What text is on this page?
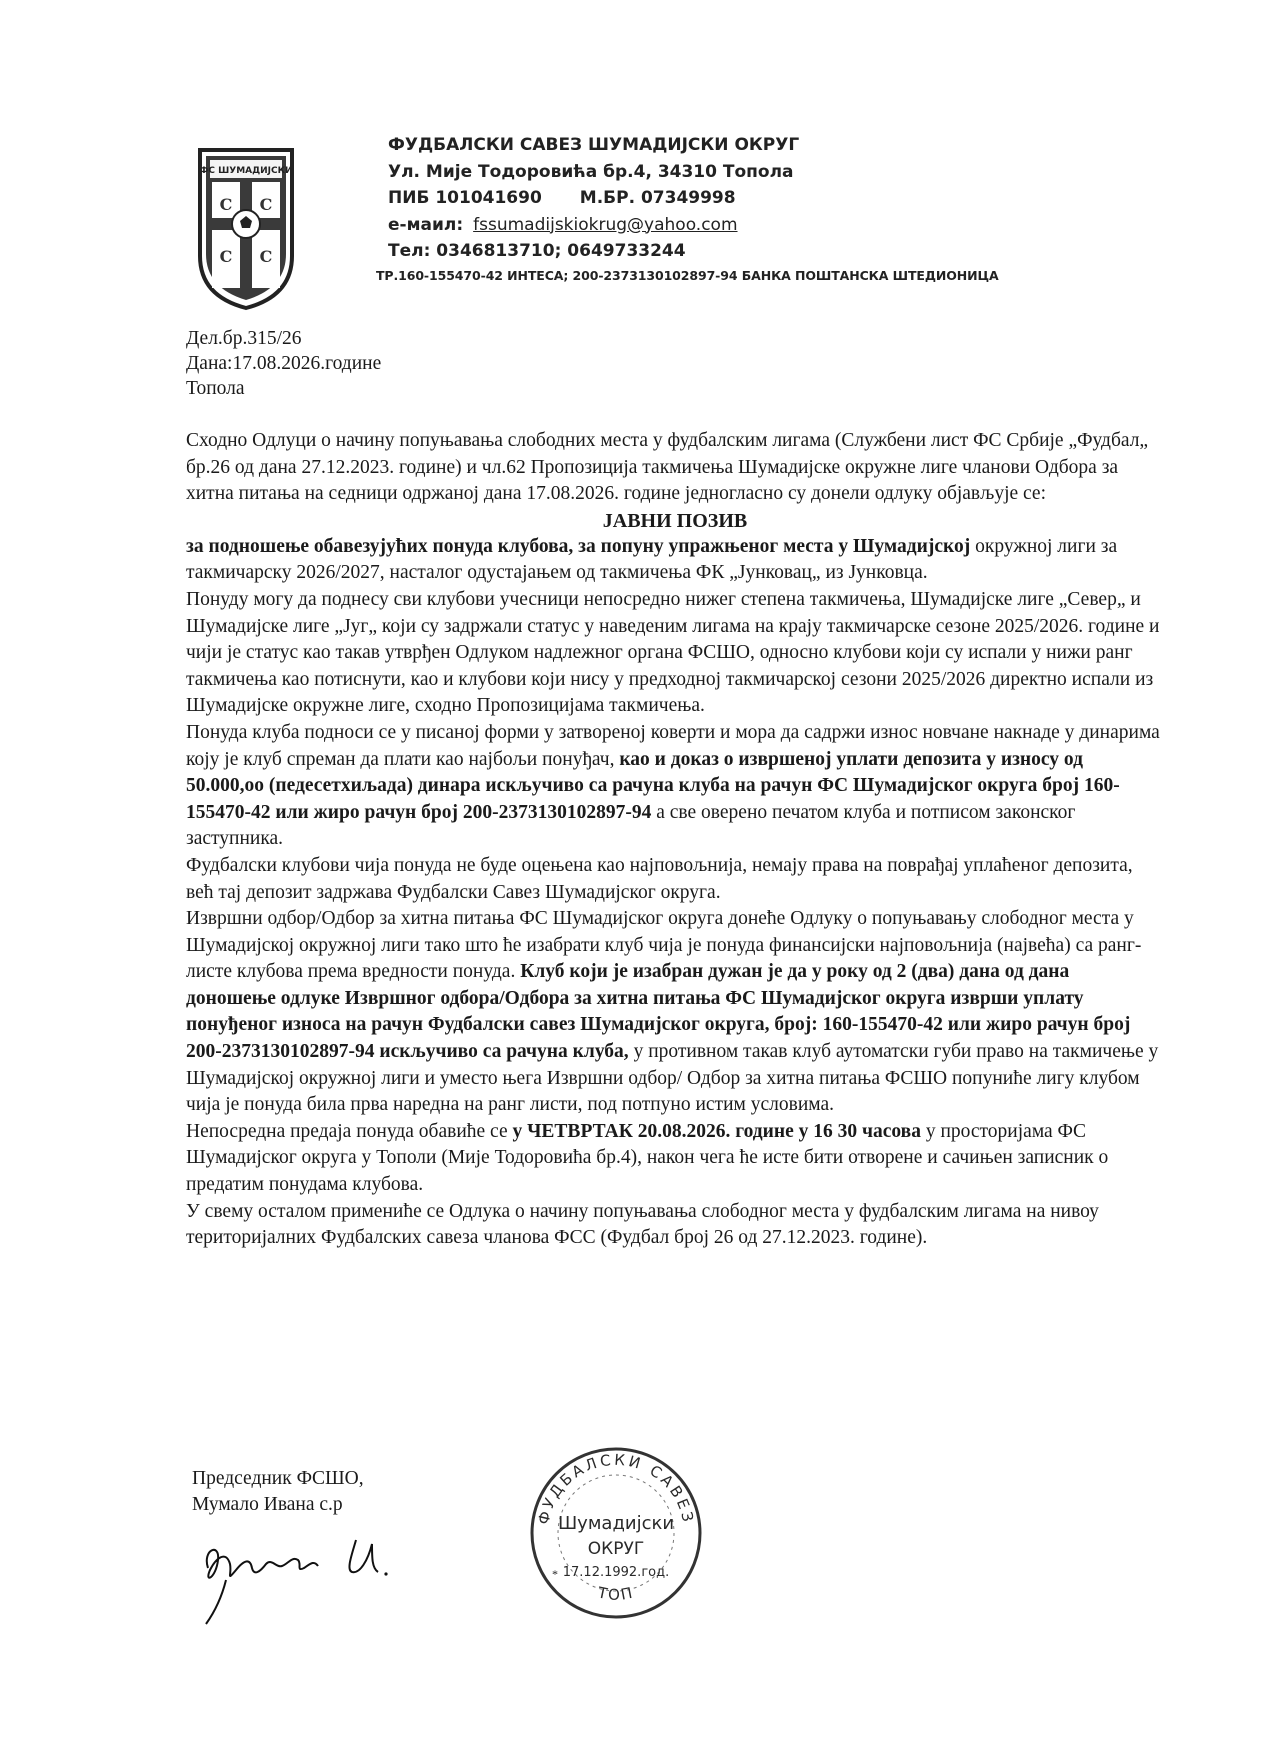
ФС ШУМАДИЈСКИ
С С
С С
ФУДБАЛСКИ САВЕЗ ШУМАДИЈСКИ ОКРУГ
Ул. Мије Тодоровића бр.4, 34310 Топола
ПИБ 101041690 М.БР. 07349998
е-маил: fssumadijskiokrug@yahoo.com
Тел: 0346813710; 0649733244
ТР.160-155470-42 ИНТЕСА; 200-2373130102897-94 БАНКА ПОШТАНСКА ШТЕДИОНИЦА
Дел.бр.315/26
Дана:17.08.2026.године
Топола

Сходно Одлуци о начину попуњавања слободних места у фудбалским лигама (Службени лист ФС Србије „Фудбал„ бр.26 од дана 27.12.2023. године) и чл.62 Пропозиција такмичења Шумадијске окружне лиге чланови Одбора за хитна питања на седници одржаној дана 17.08.2026. године једногласно су донели одлуку објављује се:

ЈАВНИ ПОЗИВ

за подношење обавезујућих понуда клубова, за попуну упражњеног места у Шумадијској окружној лиги за такмичарску 2026/2027, насталог одустајањем од такмичења ФК „Јунковац„ из Јунковца.

Понуду могу да поднесу сви клубови учесници непосредно нижег степена такмичења, Шумадијске лиге „Север„ и Шумадијске лиге „Југ„ који су задржали статус у наведеним лигама на крају такмичарске сезоне 2025/2026. године и чији је статус као такав утврђен Одлуком надлежног органа ФСШО, односно клубови који су испали у нижи ранг такмичења као потиснути, као и клубови који нису у предходној такмичарској сезони 2025/2026 директно испали из Шумадијске окружне лиге, сходно Пропозицијама такмичења.

Понуда клуба подноси се у писаној форми у затвореној коверти и мора да садржи износ новчане накнаде у динарима коју је клуб спреман да плати као најбољи понуђач, као и доказ о извршеној уплати депозита у износу од 50.000,оо (педесетхиљада) динара искључиво са рачуна клуба на рачун ФС Шумадијског округа број 160-155470-42 или жиро рачун број 200-2373130102897-94 а све оверено печатом клуба и потписом законског заступника.

Фудбалски клубови чија понуда не буде оцењена као најповољнија, немају права на поврађај уплаћеног депозита, већ тај депозит задржава Фудбалски Савез Шумадијског округа.

Извршни одбор/Одбор за хитна питања ФС Шумадијског округа донеће Одлуку о попуњавању слободног места у Шумадијској окружној лиги тако што ће изабрати клуб чија је понуда финансијски најповољнија (највећа) са ранг-листе клубова према вредности понуда. Клуб који је изабран дужан је да у року од 2 (два) дана од дана доношење одлуке Извршног одбора/Одбора за хитна питања ФС Шумадијског округа изврши уплату понуђеног износа на рачун Фудбалски савез Шумадијског округа, број: 160-155470-42 или жиро рачун број 200-2373130102897-94 искључиво са рачуна клуба, у противном такав клуб аутоматски губи право на такмичење у Шумадијској окружној лиги и уместо њега Извршни одбор/ Одбор за хитна питања ФСШО попуниће лигу клубом чија је понуда била прва наредна на ранг листи, под потпуно истим условима.

Непосредна предаја понуда обавиће се у ЧЕТВРТАК 20.08.2026. године у 16 30 часова у просторијама ФС Шумадијског округа у Тополи (Мије Тодоровића бр.4), након чега ће исте бити отворене и сачињен записник о предатим понудама клубова.

У свему осталом примениће се Одлука о начину попуњавања слободног места у фудбалским лигама на нивоу територијалних Фудбалских савеза чланова ФСС (Фудбал број 26 од 27.12.2023. године).

Председник ФСШО,
Мумало Ивана с.р
ФУДБАЛСКИ САВЕЗ
ТОП
Шумадијски
ОКРУГ
17.12.1992.год.
*
